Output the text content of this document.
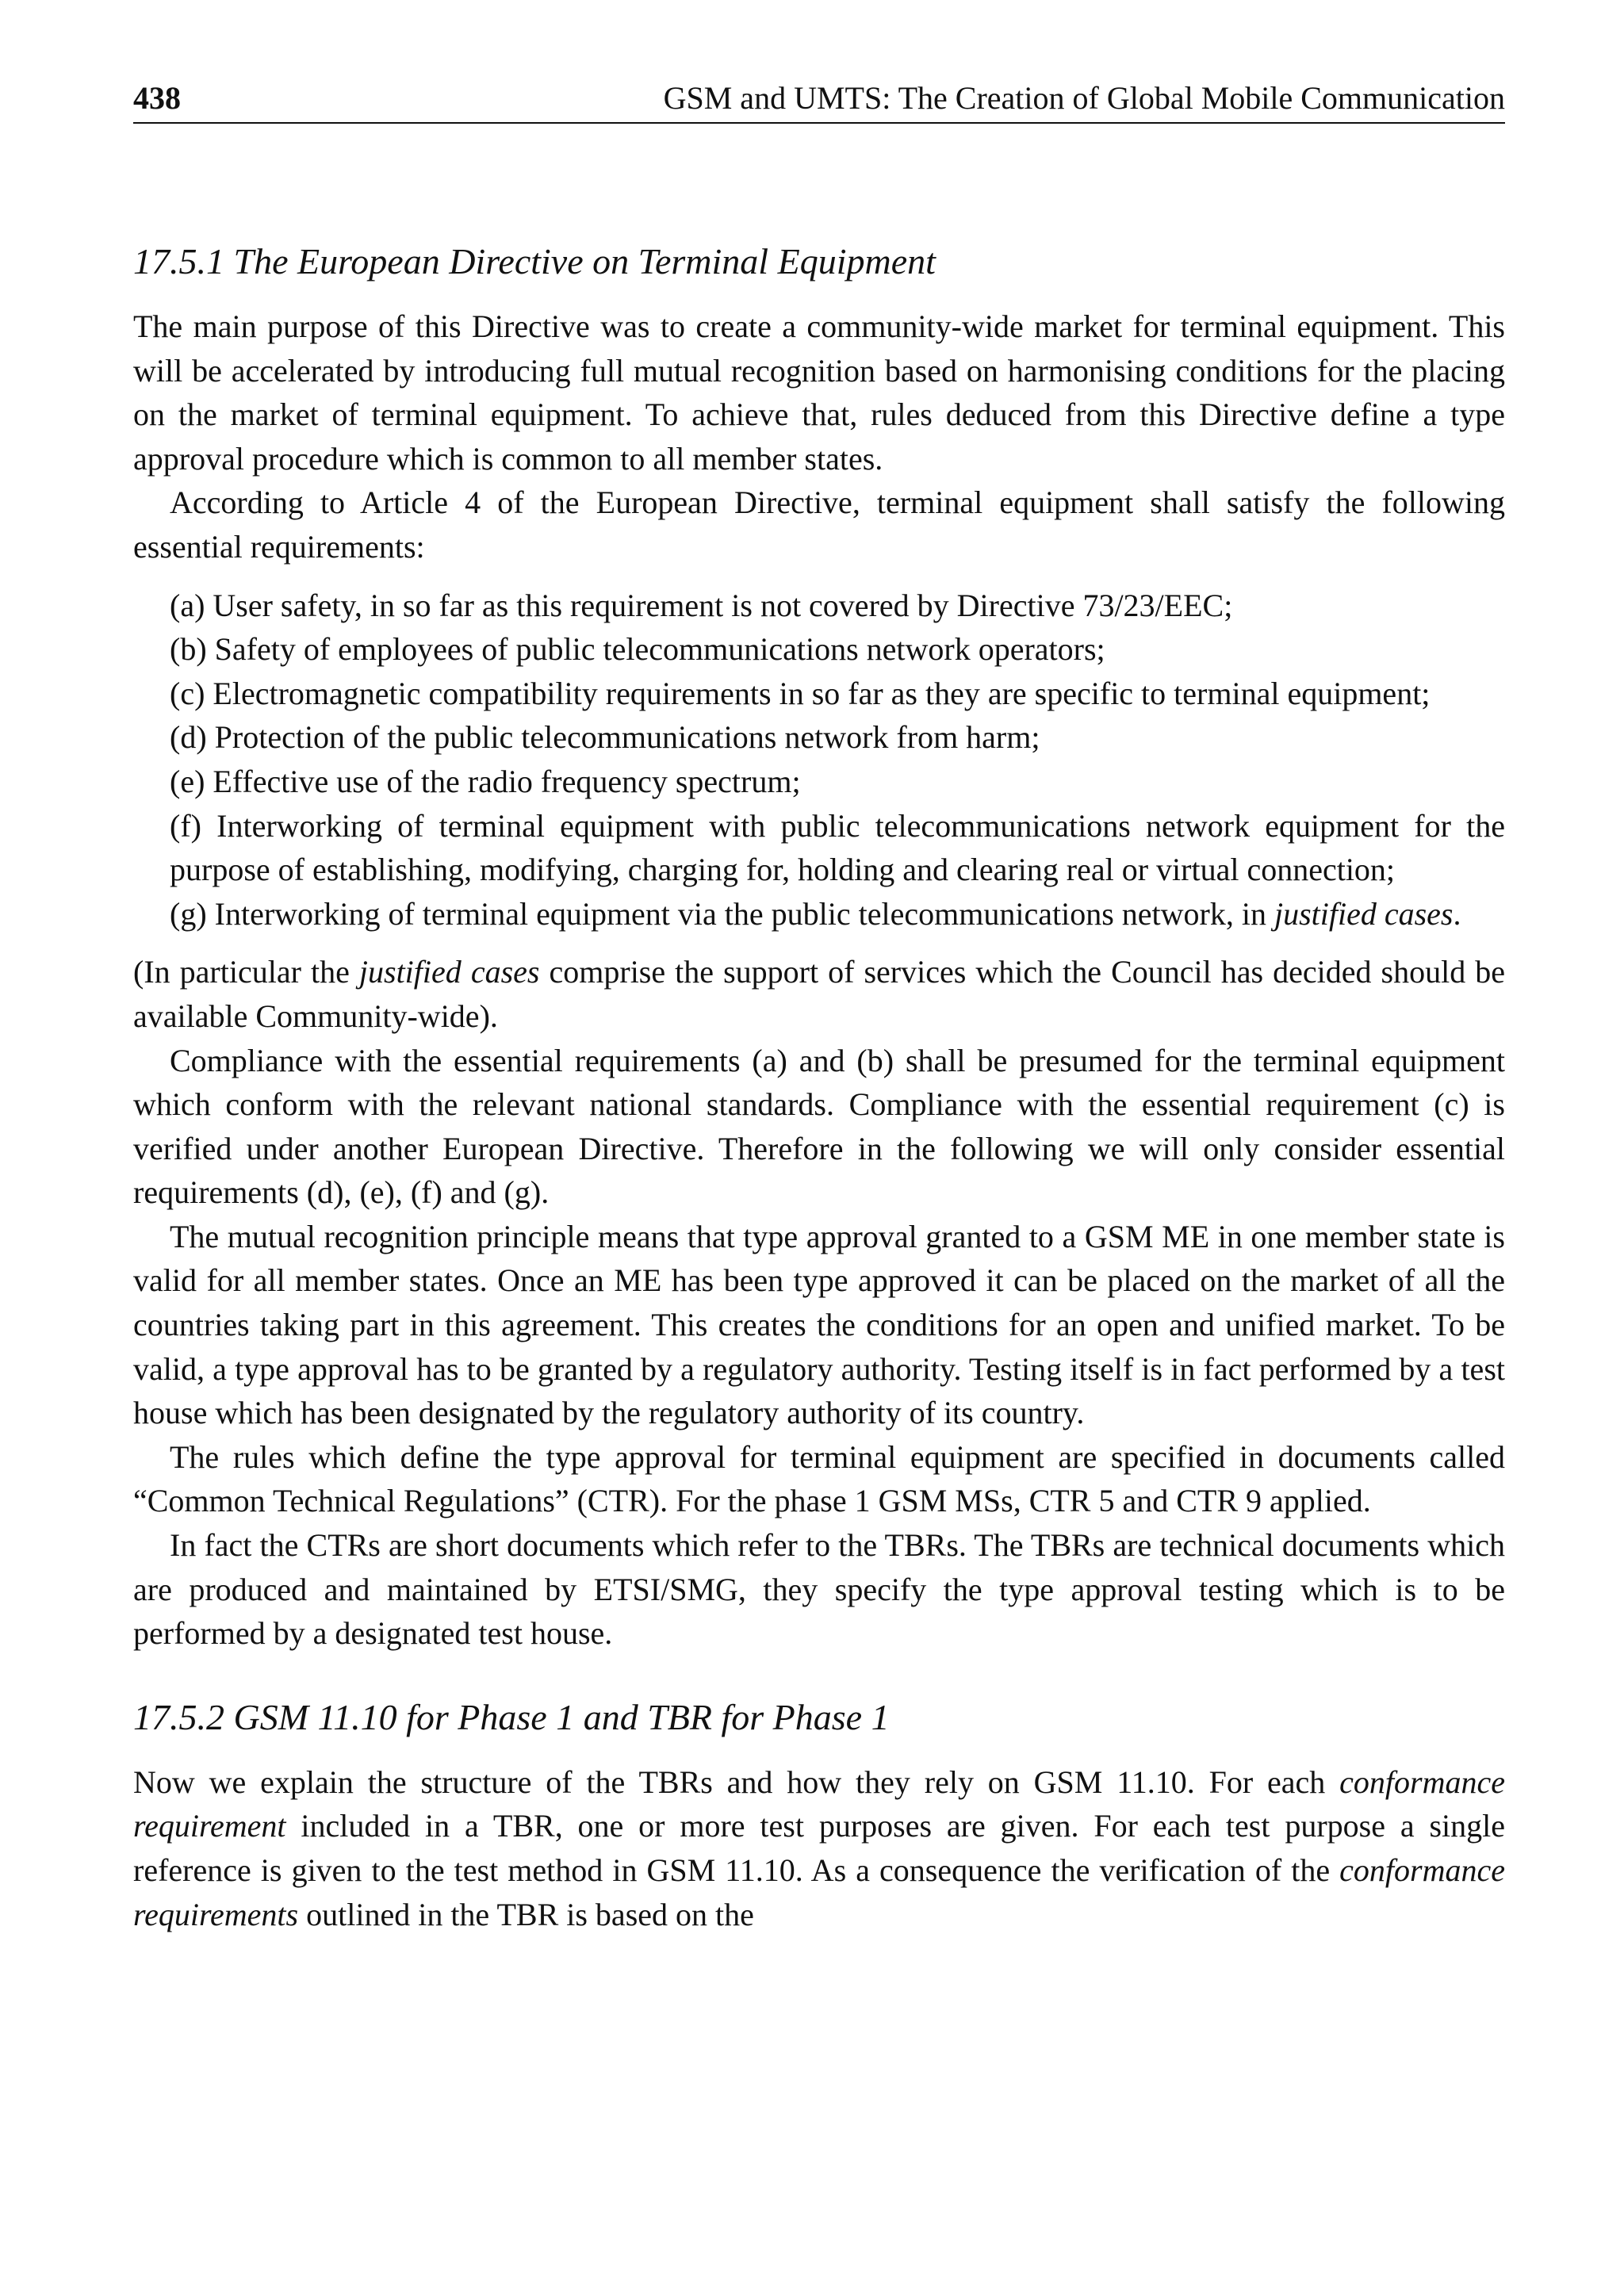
438	GSM and UMTS: The Creation of Global Mobile Communication
17.5.1 The European Directive on Terminal Equipment

The main purpose of this Directive was to create a community-wide market for terminal equipment. This will be accelerated by introducing full mutual recognition based on harmonising conditions for the placing on the market of terminal equipment. To achieve that, rules deduced from this Directive define a type approval procedure which is common to all member states.

According to Article 4 of the European Directive, terminal equipment shall satisfy the following essential requirements:

(a) User safety, in so far as this requirement is not covered by Directive 73/23/EEC;
(b) Safety of employees of public telecommunications network operators;
(c) Electromagnetic compatibility requirements in so far as they are specific to terminal equipment;
(d) Protection of the public telecommunications network from harm;
(e) Effective use of the radio frequency spectrum;
(f) Interworking of terminal equipment with public telecommunications network equipment for the purpose of establishing, modifying, charging for, holding and clearing real or virtual connection;
(g) Interworking of terminal equipment via the public telecommunications network, in justified cases.

(In particular the justified cases comprise the support of services which the Council has decided should be available Community-wide).

Compliance with the essential requirements (a) and (b) shall be presumed for the terminal equipment which conform with the relevant national standards. Compliance with the essential requirement (c) is verified under another European Directive. Therefore in the following we will only consider essential requirements (d), (e), (f) and (g).

The mutual recognition principle means that type approval granted to a GSM ME in one member state is valid for all member states. Once an ME has been type approved it can be placed on the market of all the countries taking part in this agreement. This creates the conditions for an open and unified market. To be valid, a type approval has to be granted by a regulatory authority. Testing itself is in fact performed by a test house which has been designated by the regulatory authority of its country.

The rules which define the type approval for terminal equipment are specified in documents called “Common Technical Regulations” (CTR). For the phase 1 GSM MSs, CTR 5 and CTR 9 applied.

In fact the CTRs are short documents which refer to the TBRs. The TBRs are technical documents which are produced and maintained by ETSI/SMG, they specify the type approval testing which is to be performed by a designated test house.

17.5.2 GSM 11.10 for Phase 1 and TBR for Phase 1

Now we explain the structure of the TBRs and how they rely on GSM 11.10. For each conformance requirement included in a TBR, one or more test purposes are given. For each test purpose a single reference is given to the test method in GSM 11.10. As a consequence the verification of the conformance requirements outlined in the TBR is based on the
